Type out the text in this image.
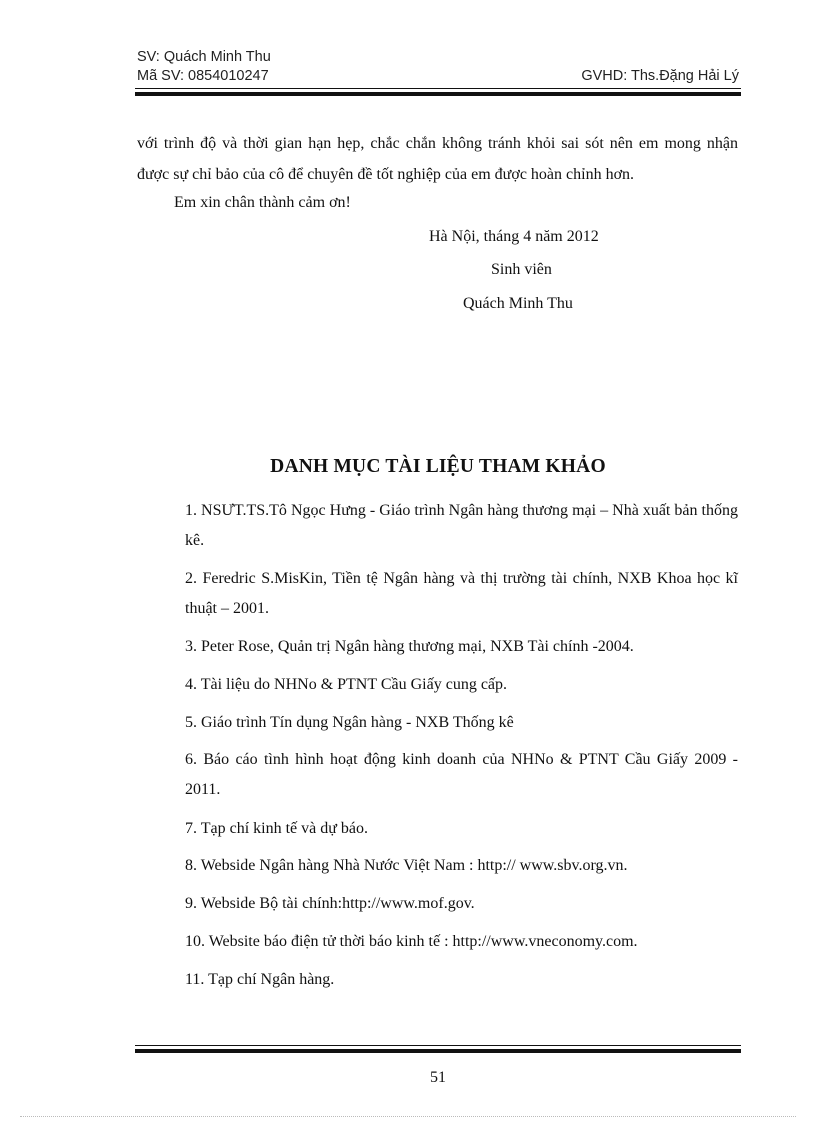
SV: Quách Minh Thu
Mã SV: 0854010247	GVHD: Ths.Đặng Hải Lý
với trình độ và thời gian hạn hẹp, chắc chắn không tránh khỏi sai sót nên em mong nhận được sự chỉ bảo của cô để chuyên đề tốt nghiệp của em được hoàn chỉnh hơn.
Em xin chân thành cảm ơn!
Hà Nội, tháng 4 năm 2012
Sinh viên
Quách Minh Thu
DANH MỤC TÀI LIỆU THAM KHẢO
1. NSƯT.TS.Tô Ngọc Hưng - Giáo trình Ngân hàng thương mại – Nhà xuất bản thống kê.
2. Feredric S.MisKin, Tiền tệ Ngân hàng và thị trường tài chính, NXB Khoa học kĩ thuật – 2001.
3. Peter Rose, Quản trị Ngân hàng thương mại, NXB Tài chính -2004.
4. Tài liệu do NHNo & PTNT Cầu Giấy cung cấp.
5. Giáo trình Tín dụng Ngân hàng - NXB Thống kê
6. Báo cáo tình hình hoạt động kinh doanh của NHNo & PTNT Cầu Giấy 2009 - 2011.
7. Tạp chí kinh tế và dự báo.
8. Webside Ngân hàng Nhà Nước Việt Nam : http:// www.sbv.org.vn.
9. Webside Bộ tài chính:http://www.mof.gov.
10. Website báo điện tử thời báo kinh tế : http://www.vneconomy.com.
11. Tạp chí Ngân hàng.
51
